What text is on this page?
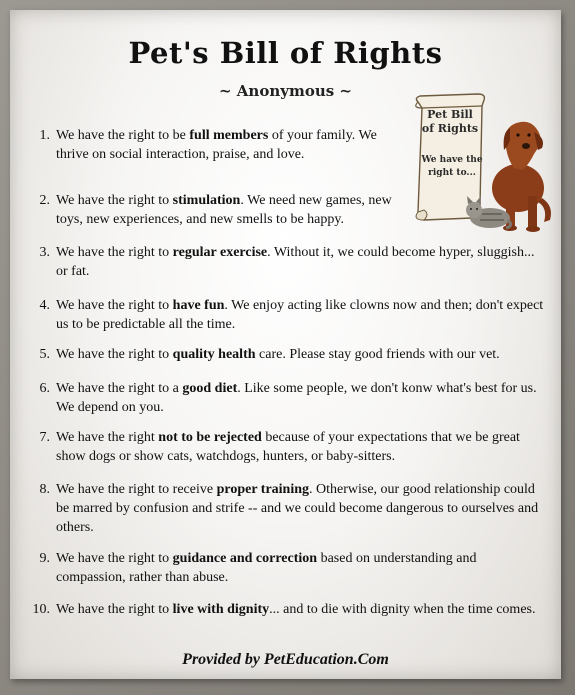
Pet's Bill of Rights
~ Anonymous ~
Pet Bill
of Rights
We have the
right to...
1. We have the right to be full members of your family. We thrive on social interaction, praise, and love.
2. We have the right to stimulation. We need new games, new toys, new experiences, and new smells to be happy.
3. We have the right to regular exercise. Without it, we could become hyper, sluggish... or fat.
4. We have the right to have fun. We enjoy acting like clowns now and then; don't expect us to be predictable all the time.
5. We have the right to quality health care. Please stay good friends with our vet.
6. We have the right to a good diet. Like some people, we don't konw what's best for us. We depend on you.
7. We have the right not to be rejected because of your expectations that we be great show dogs or show cats, watchdogs, hunters, or baby-sitters.
8. We have the right to receive proper training. Otherwise, our good relationship could be marred by confusion and strife -- and we could become dangerous to ourselves and others.
9. We have the right to guidance and correction based on understanding and compassion, rather than abuse.
10. We have the right to live with dignity... and to die with dignity when the time comes.
Provided by PetEducation.Com
